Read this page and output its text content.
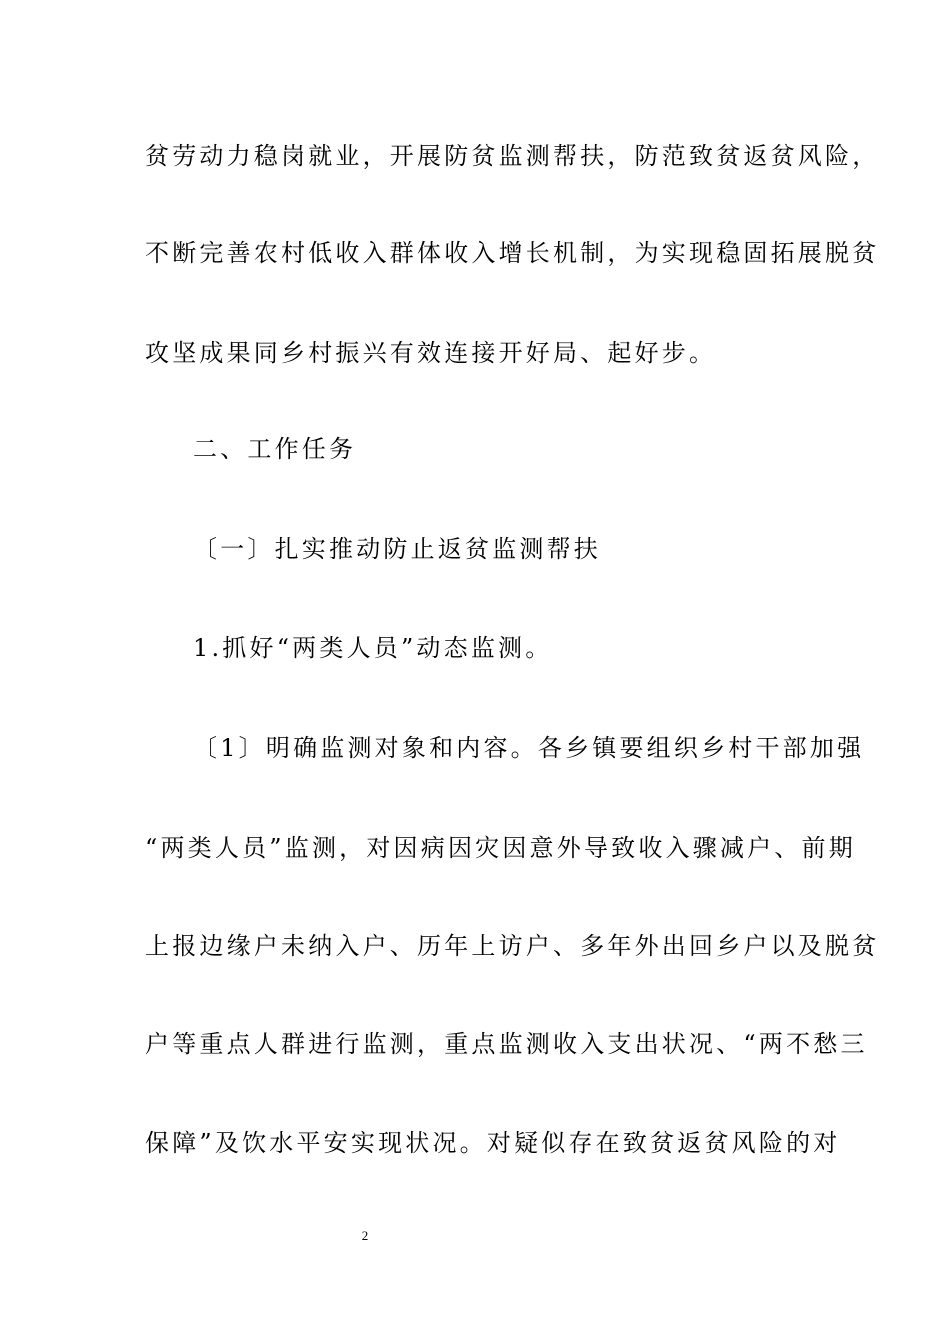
贫劳动力稳岗就业，开展防贫监测帮扶，防范致贫返贫风险，
不断完善农村低收入群体收入增长机制，为实现稳固拓展脱贫
攻坚成果同乡村振兴有效连接开好局、起好步。
二、工作任务
〔一〕扎实推动防止返贫监测帮扶
1.抓好“两类人员”动态监测。
〔1〕明确监测对象和内容。各乡镇要组织乡村干部加强
“两类人员”监测，对因病因灾因意外导致收入骤减户、前期
上报边缘户未纳入户、历年上访户、多年外出回乡户以及脱贫
户等重点人群进行监测，重点监测收入支出状况、“两不愁三
保障”及饮水平安实现状况。对疑似存在致贫返贫风险的对
2
